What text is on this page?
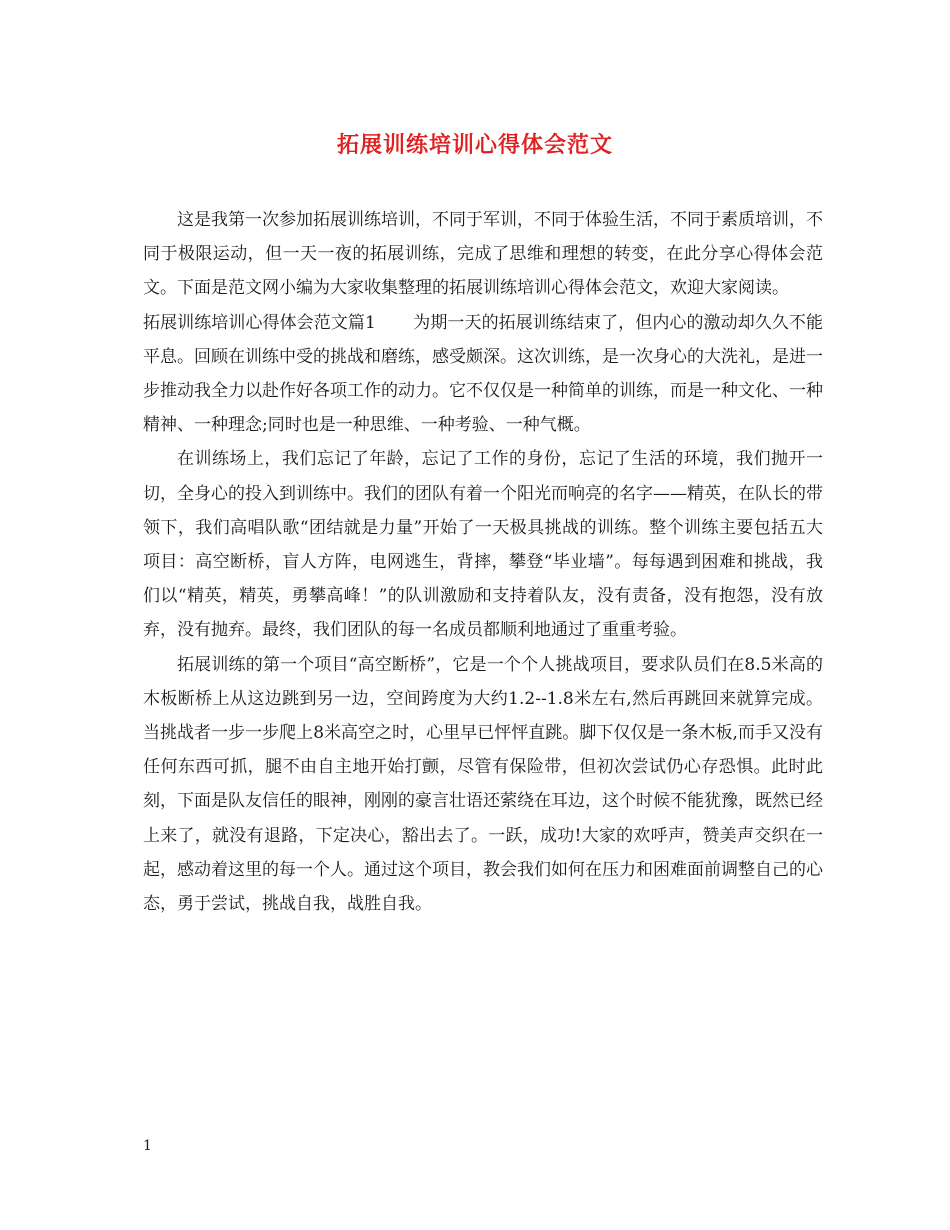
拓展训练培训心得体会范文

这是我第一次参加拓展训练培训，不同于军训，不同于体验生活，不同于素质培训，不同于极限运动，但一天一夜的拓展训练，完成了思维和理想的转变，在此分享心得体会范文。下面是范文网小编为大家收集整理的拓展训练培训心得体会范文，欢迎大家阅读。

拓展训练培训心得体会范文篇1 为期一天的拓展训练结束了，但内心的激动却久久不能平息。回顾在训练中受的挑战和磨练，感受颇深。这次训练，是一次身心的大洗礼，是进一步推动我全力以赴作好各项工作的动力。它不仅仅是一种简单的训练，而是一种文化、一种精神、一种理念;同时也是一种思维、一种考验、一种气概。

在训练场上，我们忘记了年龄，忘记了工作的身份，忘记了生活的环境，我们抛开一切，全身心的投入到训练中。我们的团队有着一个阳光而响亮的名字——精英，在队长的带领下，我们高唱队歌“团结就是力量”开始了一天极具挑战的训练。整个训练主要包括五大项目：高空断桥，盲人方阵，电网逃生，背摔，攀登“毕业墙”。每每遇到困难和挑战，我们以“精英，精英，勇攀高峰！”的队训激励和支持着队友，没有责备，没有抱怨，没有放弃，没有抛弃。最终，我们团队的每一名成员都顺利地通过了重重考验。

拓展训练的第一个项目“高空断桥”，它是一个个人挑战项目，要求队员们在8.5米高的木板断桥上从这边跳到另一边，空间跨度为大约1.2--1.8米左右,然后再跳回来就算完成。当挑战者一步一步爬上8米高空之时，心里早已怦怦直跳。脚下仅仅是一条木板,而手又没有任何东西可抓，腿不由自主地开始打颤，尽管有保险带，但初次尝试仍心存恐惧。此时此刻，下面是队友信任的眼神，刚刚的豪言壮语还萦绕在耳边，这个时候不能犹豫，既然已经上来了，就没有退路，下定决心，豁出去了。一跃，成功!大家的欢呼声，赞美声交织在一起，感动着这里的每一个人。通过这个项目，教会我们如何在压力和困难面前调整自己的心态，勇于尝试，挑战自我，战胜自我。

1
